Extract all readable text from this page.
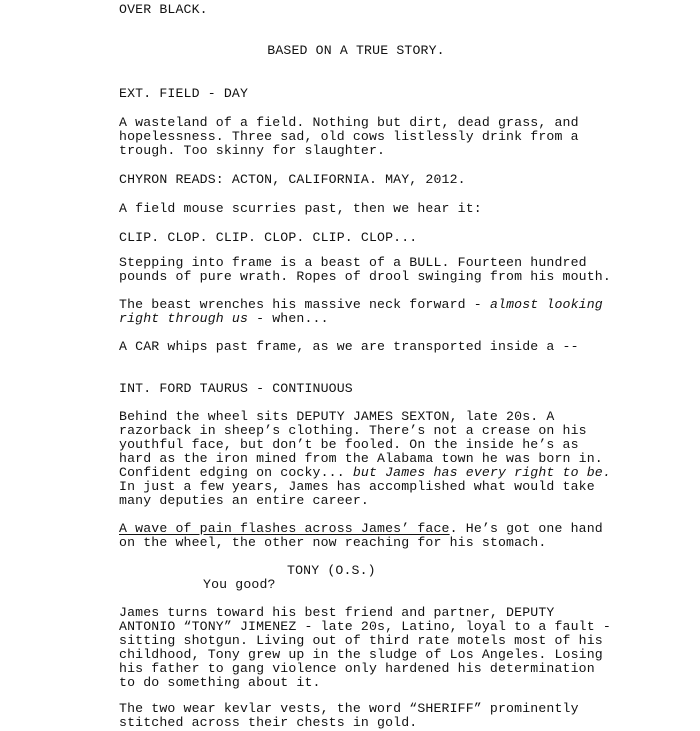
OVER BLACK.

BASED ON A TRUE STORY.

EXT. FIELD - DAY

A wasteland of a field. Nothing but dirt, dead grass, and

hopelessness. Three sad, old cows listlessly drink from a

trough. Too skinny for slaughter.

CHYRON READS: ACTON, CALIFORNIA. MAY, 2012.

A field mouse scurries past, then we hear it:

CLIP. CLOP. CLIP. CLOP. CLIP. CLOP...

Stepping into frame is a beast of a BULL. Fourteen hundred

pounds of pure wrath. Ropes of drool swinging from his mouth.

The beast wrenches his massive neck forward - almost looking

right through us - when...

A CAR whips past frame, as we are transported inside a --

INT. FORD TAURUS - CONTINUOUS

Behind the wheel sits DEPUTY JAMES SEXTON, late 20s. A

razorback in sheep’s clothing. There’s not a crease on his

youthful face, but don’t be fooled. On the inside he’s as

hard as the iron mined from the Alabama town he was born in.

Confident edging on cocky... but James has every right to be.

In just a few years, James has accomplished what would take

many deputies an entire career.

A wave of pain flashes across James’ face. He’s got one hand

on the wheel, the other now reaching for his stomach.

TONY (O.S.)

You good?

James turns toward his best friend and partner, DEPUTY

ANTONIO “TONY” JIMENEZ - late 20s, Latino, loyal to a fault -

sitting shotgun. Living out of third rate motels most of his

childhood, Tony grew up in the sludge of Los Angeles. Losing

his father to gang violence only hardened his determination

to do something about it.

The two wear kevlar vests, the word “SHERIFF” prominently

stitched across their chests in gold.
